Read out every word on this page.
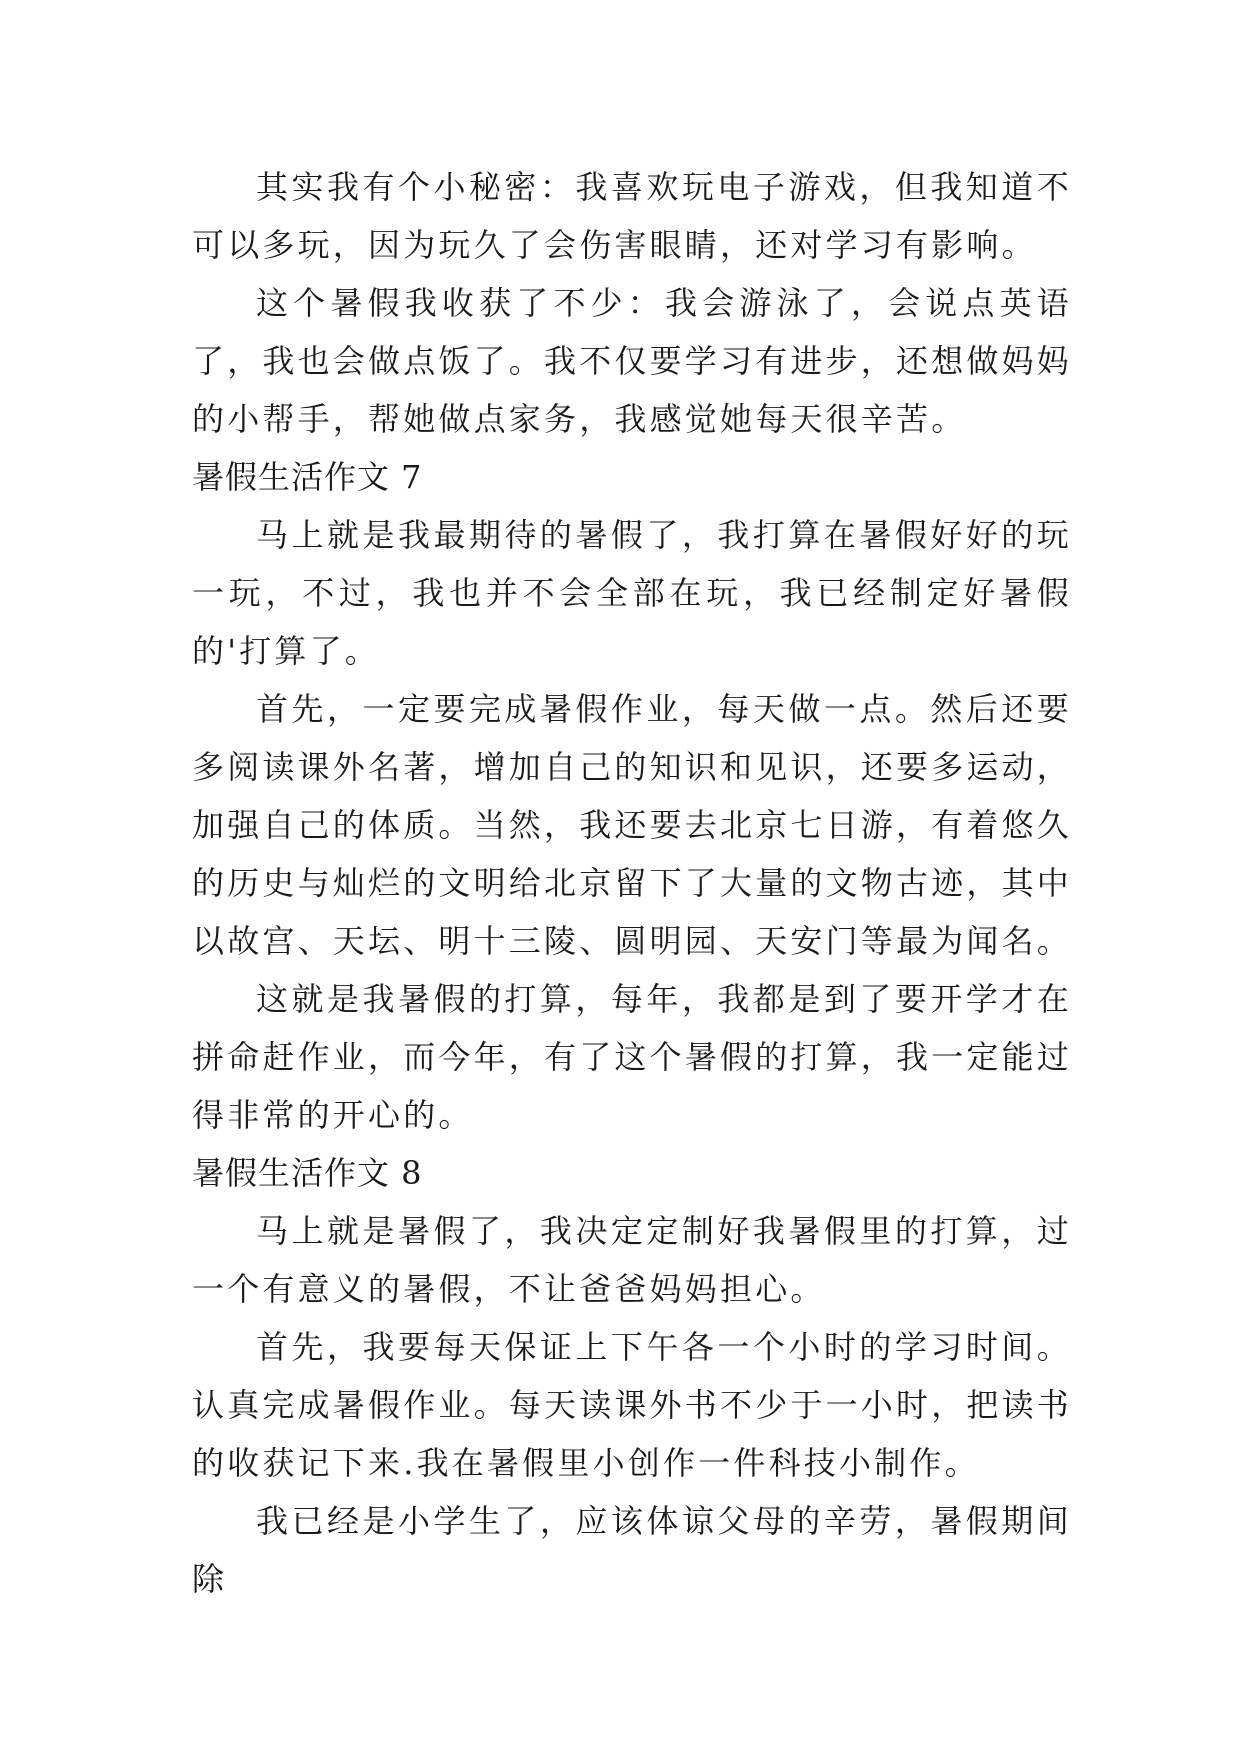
其实我有个小秘密：我喜欢玩电子游戏，但我知道不可以多玩，因为玩久了会伤害眼睛，还对学习有影响。

这个暑假我收获了不少：我会游泳了，会说点英语了，我也会做点饭了。我不仅要学习有进步，还想做妈妈的小帮手，帮她做点家务，我感觉她每天很辛苦。

暑假生活作文 7

马上就是我最期待的暑假了，我打算在暑假好好的玩一玩，不过，我也并不会全部在玩，我已经制定好暑假的'打算了。

首先，一定要完成暑假作业，每天做一点。然后还要多阅读课外名著，增加自己的知识和见识，还要多运动，加强自己的体质。当然，我还要去北京七日游，有着悠久的历史与灿烂的文明给北京留下了大量的文物古迹，其中以故宫、天坛、明十三陵、圆明园、天安门等最为闻名。

这就是我暑假的打算，每年，我都是到了要开学才在拼命赶作业，而今年，有了这个暑假的打算，我一定能过得非常的开心的。

暑假生活作文 8

马上就是暑假了，我决定定制好我暑假里的打算，过一个有意义的暑假，不让爸爸妈妈担心。

首先，我要每天保证上下午各一个小时的学习时间。认真完成暑假作业。每天读课外书不少于一小时，把读书的收获记下来.我在暑假里小创作一件科技小制作。

我已经是小学生了，应该体谅父母的辛劳，暑假期间除
